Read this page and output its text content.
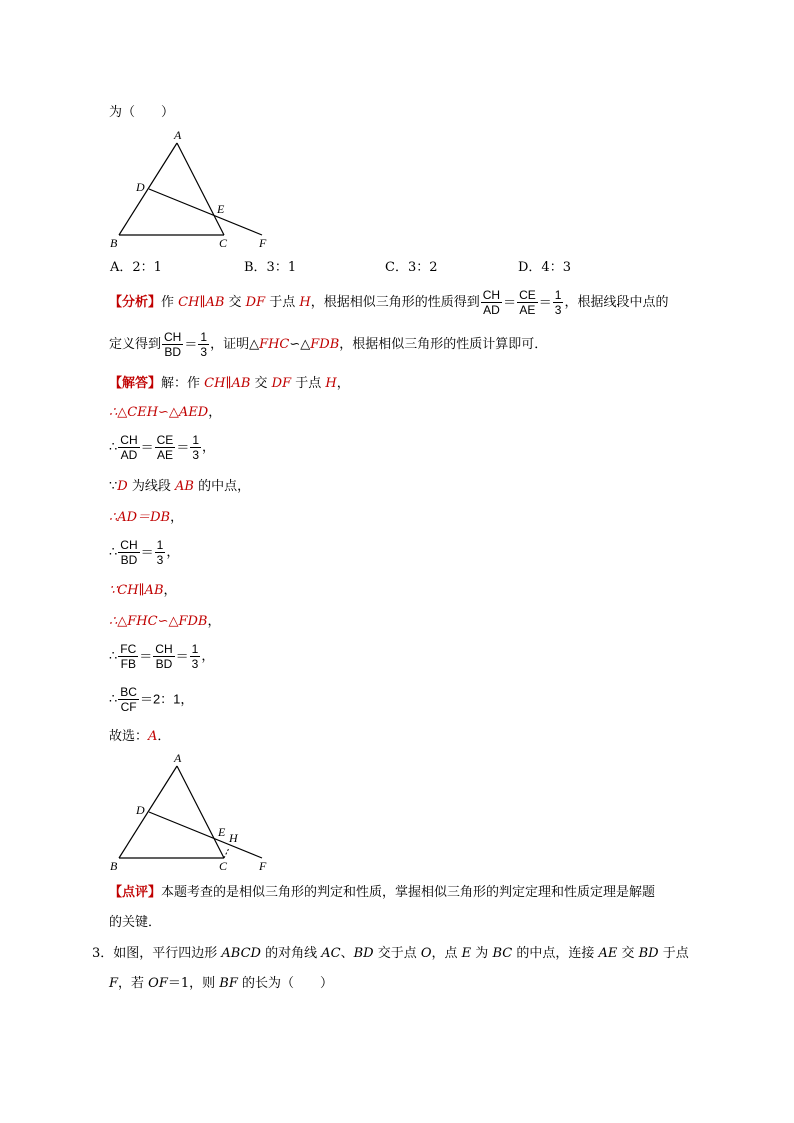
为（　　）
A
D
E
B	C	F
A．2：1	B．3：1	C．3：2	D．4：3
【分析】作 CH∥AB 交 DF 于点 H，根据相似三角形的性质得到 $\frac{CH}{AD} = \frac{CE}{AE} = \frac{1}{3}$ ，根据线段中点的
定义得到 $\frac{CH}{BD} = \frac{1}{3}$ ，证明△FHC∽△FDB，根据相似三角形的性质计算即可．
【解答】解：作 CH∥AB 交 DF 于点 H，
∴△CEH∽△AED，
∴ $\frac{CH}{AD} = \frac{CE}{AE} = \frac{1}{3}$ ，
∵D 为线段 AB 的中点，
∴AD＝DB，
∴ $\frac{CH}{BD} = \frac{1}{3}$ ，
∵CH∥AB，
∴△FHC∽△FDB，
∴ $\frac{FC}{FB} = \frac{CH}{BD} = \frac{1}{3}$ ，
∴ $\frac{BC}{CF} =2$：1，
故选：A．
A
D
E H
B	C	F
【点评】本题考查的是相似三角形的判定和性质，掌握相似三角形的判定定理和性质定理是解题
的关键．
3．如图，平行四边形 ABCD 的对角线 AC、BD 交于点 O，点 E 为 BC 的中点，连接 AE 交 BD 于点
F，若 OF＝1，则 BF 的长为（　　）
